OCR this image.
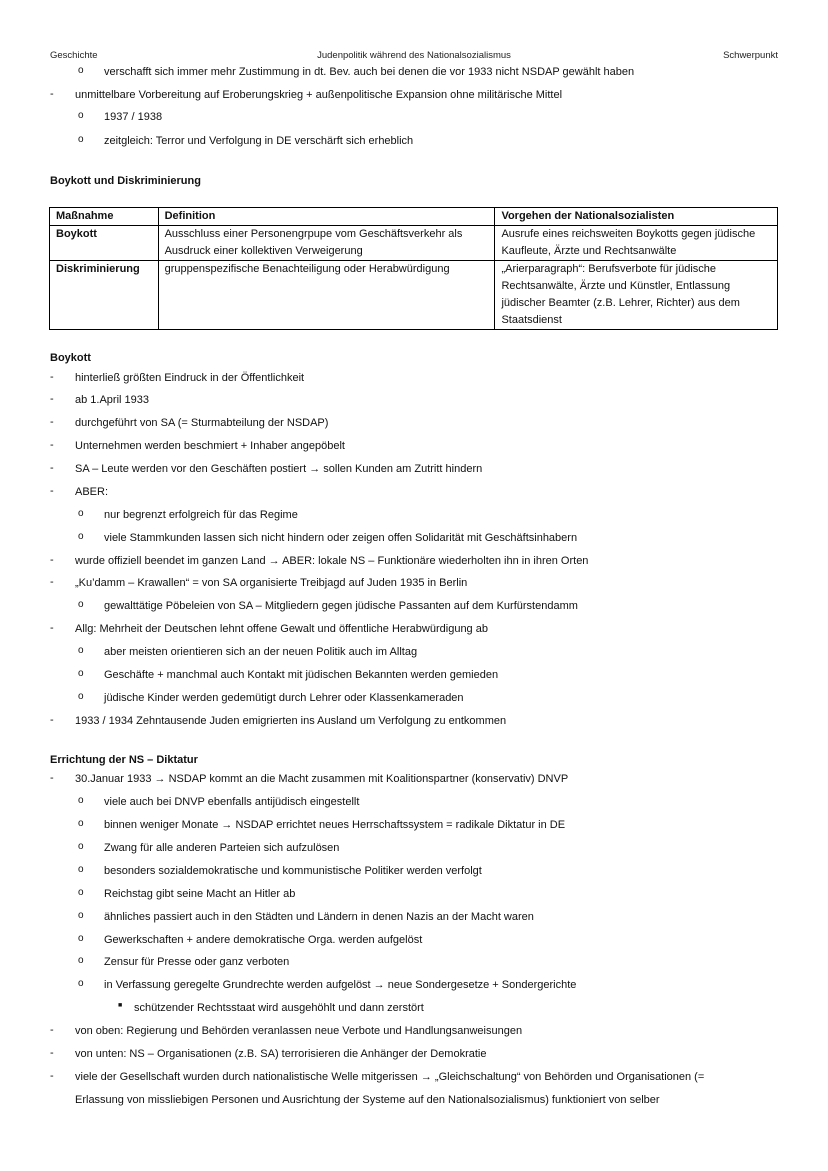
Geschichte	Judenpolitik während des Nationalsozialismus	Schwerpunkt
o verschafft sich immer mehr Zustimmung in dt. Bev. auch bei denen die vor 1933 nicht NSDAP gewählt haben
- unmittelbare Vorbereitung auf Eroberungskrieg + außenpolitische Expansion ohne militärische Mittel
o 1937 / 1938
o zeitgleich: Terror und Verfolgung in DE verschärft sich erheblich
Boykott und Diskriminierung
Maßnahme	Definition	Vorgehen der Nationalsozialisten
Boykott	Ausschluss einer Personengrpupe vom Geschäftsverkehr als Ausdruck einer kollektiven Verweigerung	Ausrufe eines reichsweiten Boykotts gegen jüdische Kaufleute, Ärzte und Rechtsanwälte
Diskriminierung	gruppenspezifische Benachteiligung oder Herabwürdigung	„Arierparagraph“: Berufsverbote für jüdische Rechtsanwälte, Ärzte und Künstler, Entlassung jüdischer Beamter (z.B. Lehrer, Richter) aus dem Staatsdienst
Boykott
- hinterließ größten Eindruck in der Öffentlichkeit
- ab 1.April 1933
- durchgeführt von SA (= Sturmabteilung der NSDAP)
- Unternehmen werden beschmiert + Inhaber angepöbelt
- SA – Leute werden vor den Geschäften postiert → sollen Kunden am Zutritt hindern
- ABER:
o nur begrenzt erfolgreich für das Regime
o viele Stammkunden lassen sich nicht hindern oder zeigen offen Solidarität mit Geschäftsinhabern
- wurde offiziell beendet im ganzen Land → ABER: lokale NS – Funktionäre wiederholten ihn in ihren Orten
- „Ku’damm – Krawallen“ = von SA organisierte Treibjagd auf Juden 1935 in Berlin
o gewalttätige Pöbeleien von SA – Mitgliedern gegen jüdische Passanten auf dem Kurfürstendamm
- Allg: Mehrheit der Deutschen lehnt offene Gewalt und öffentliche Herabwürdigung ab
o aber meisten orientieren sich an der neuen Politik auch im Alltag
o Geschäfte + manchmal auch Kontakt mit jüdischen Bekannten werden gemieden
o jüdische Kinder werden gedemütigt durch Lehrer oder Klassenkameraden
- 1933 / 1934 Zehntausende Juden emigrierten ins Ausland um Verfolgung zu entkommen
Errichtung der NS – Diktatur
- 30.Januar 1933 → NSDAP kommt an die Macht zusammen mit Koalitionspartner (konservativ) DNVP
o viele auch bei DNVP ebenfalls antijüdisch eingestellt
o binnen weniger Monate → NSDAP errichtet neues Herrschaftssystem = radikale Diktatur in DE
o Zwang für alle anderen Parteien sich aufzulösen
o besonders sozialdemokratische und kommunistische Politiker werden verfolgt
o Reichstag gibt seine Macht an Hitler ab
o ähnliches passiert auch in den Städten und Ländern in denen Nazis an der Macht waren
o Gewerkschaften + andere demokratische Orga. werden aufgelöst
o Zensur für Presse oder ganz verboten
o in Verfassung geregelte Grundrechte werden aufgelöst → neue Sondergesetze + Sondergerichte
■ schützender Rechtsstaat wird ausgehöhlt und dann zerstört
- von oben: Regierung und Behörden veranlassen neue Verbote und Handlungsanweisungen
- von unten: NS – Organisationen (z.B. SA) terrorisieren die Anhänger der Demokratie
- viele der Gesellschaft wurden durch nationalistische Welle mitgerissen → „Gleichschaltung“ von Behörden und Organisationen (=
Erlassung von missliebigen Personen und Ausrichtung der Systeme auf den Nationalsozialismus) funktioniert von selber
